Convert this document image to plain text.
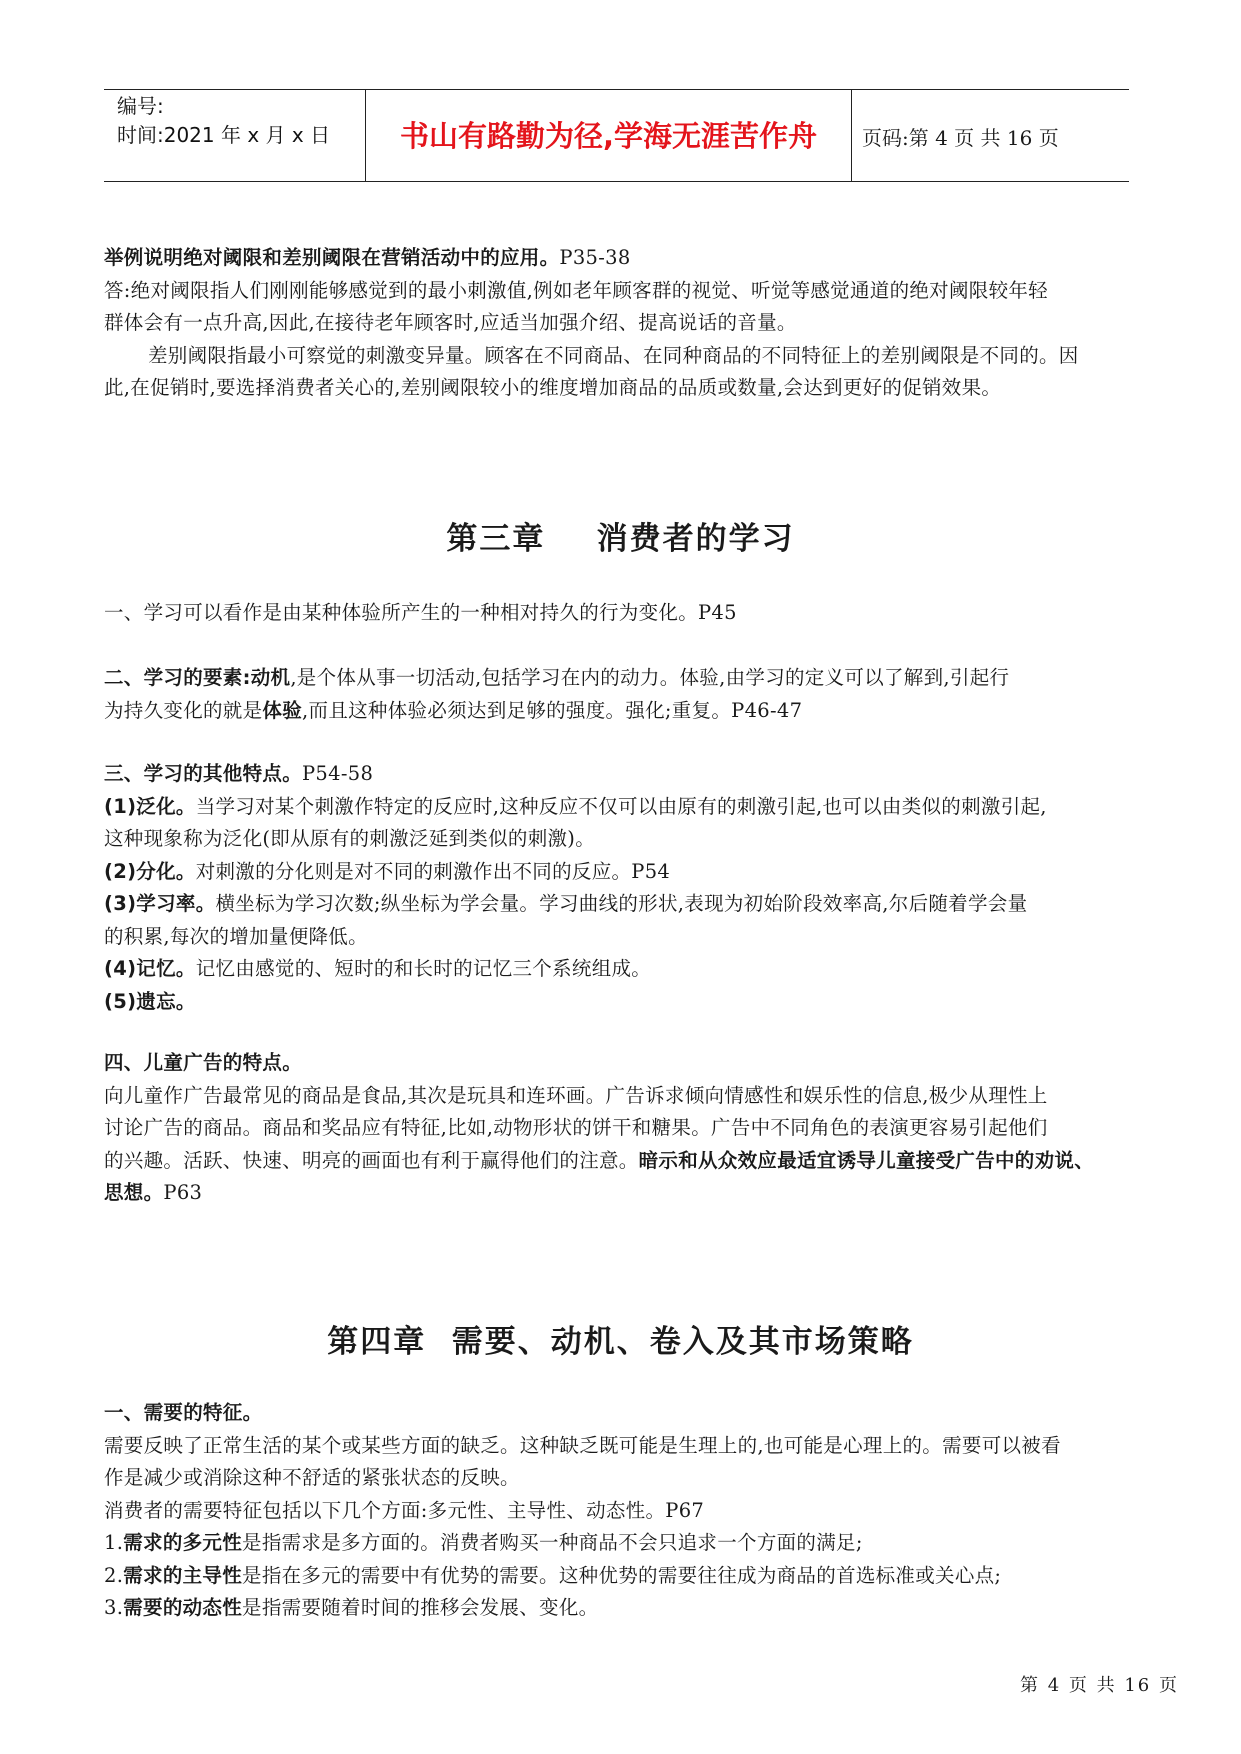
编号:
时间:2021 年 x 月 x 日	书山有路勤为径,学海无涯苦作舟	页码:第 4 页 共 16 页
举例说明绝对阈限和差别阈限在营销活动中的应用。P35-38
答:绝对阈限指人们刚刚能够感觉到的最小刺激值,例如老年顾客群的视觉、听觉等感觉通道的绝对阈限较年轻
群体会有一点升高,因此,在接待老年顾客时,应适当加强介绍、提高说话的音量。
差别阈限指最小可察觉的刺激变异量。顾客在不同商品、在同种商品的不同特征上的差别阈限是不同的。因
此,在促销时,要选择消费者关心的,差别阈限较小的维度增加商品的品质或数量,会达到更好的促销效果。
第三章    消费者的学习
一、学习可以看作是由某种体验所产生的一种相对持久的行为变化。P45
二、学习的要素:动机,是个体从事一切活动,包括学习在内的动力。体验,由学习的定义可以了解到,引起行
为持久变化的就是体验,而且这种体验必须达到足够的强度。强化;重复。P46-47
三、学习的其他特点。P54-58
(1)泛化。当学习对某个刺激作特定的反应时,这种反应不仅可以由原有的刺激引起,也可以由类似的刺激引起,
这种现象称为泛化(即从原有的刺激泛延到类似的刺激)。
(2)分化。对刺激的分化则是对不同的刺激作出不同的反应。P54
(3)学习率。横坐标为学习次数;纵坐标为学会量。学习曲线的形状,表现为初始阶段效率高,尔后随着学会量
的积累,每次的增加量便降低。
(4)记忆。记忆由感觉的、短时的和长时的记忆三个系统组成。
(5)遗忘。
四、儿童广告的特点。
向儿童作广告最常见的商品是食品,其次是玩具和连环画。广告诉求倾向情感性和娱乐性的信息,极少从理性上
讨论广告的商品。商品和奖品应有特征,比如,动物形状的饼干和糖果。广告中不同角色的表演更容易引起他们
的兴趣。活跃、快速、明亮的画面也有利于赢得他们的注意。暗示和从众效应最适宜诱导儿童接受广告中的劝说、
思想。P63
第四章  需要、动机、卷入及其市场策略
一、需要的特征。
需要反映了正常生活的某个或某些方面的缺乏。这种缺乏既可能是生理上的,也可能是心理上的。需要可以被看
作是减少或消除这种不舒适的紧张状态的反映。
消费者的需要特征包括以下几个方面:多元性、主导性、动态性。P67
1.需求的多元性是指需求是多方面的。消费者购买一种商品不会只追求一个方面的满足;
2.需求的主导性是指在多元的需要中有优势的需要。这种优势的需要往往成为商品的首选标准或关心点;
3.需要的动态性是指需要随着时间的推移会发展、变化。
第 4 页 共 16 页
